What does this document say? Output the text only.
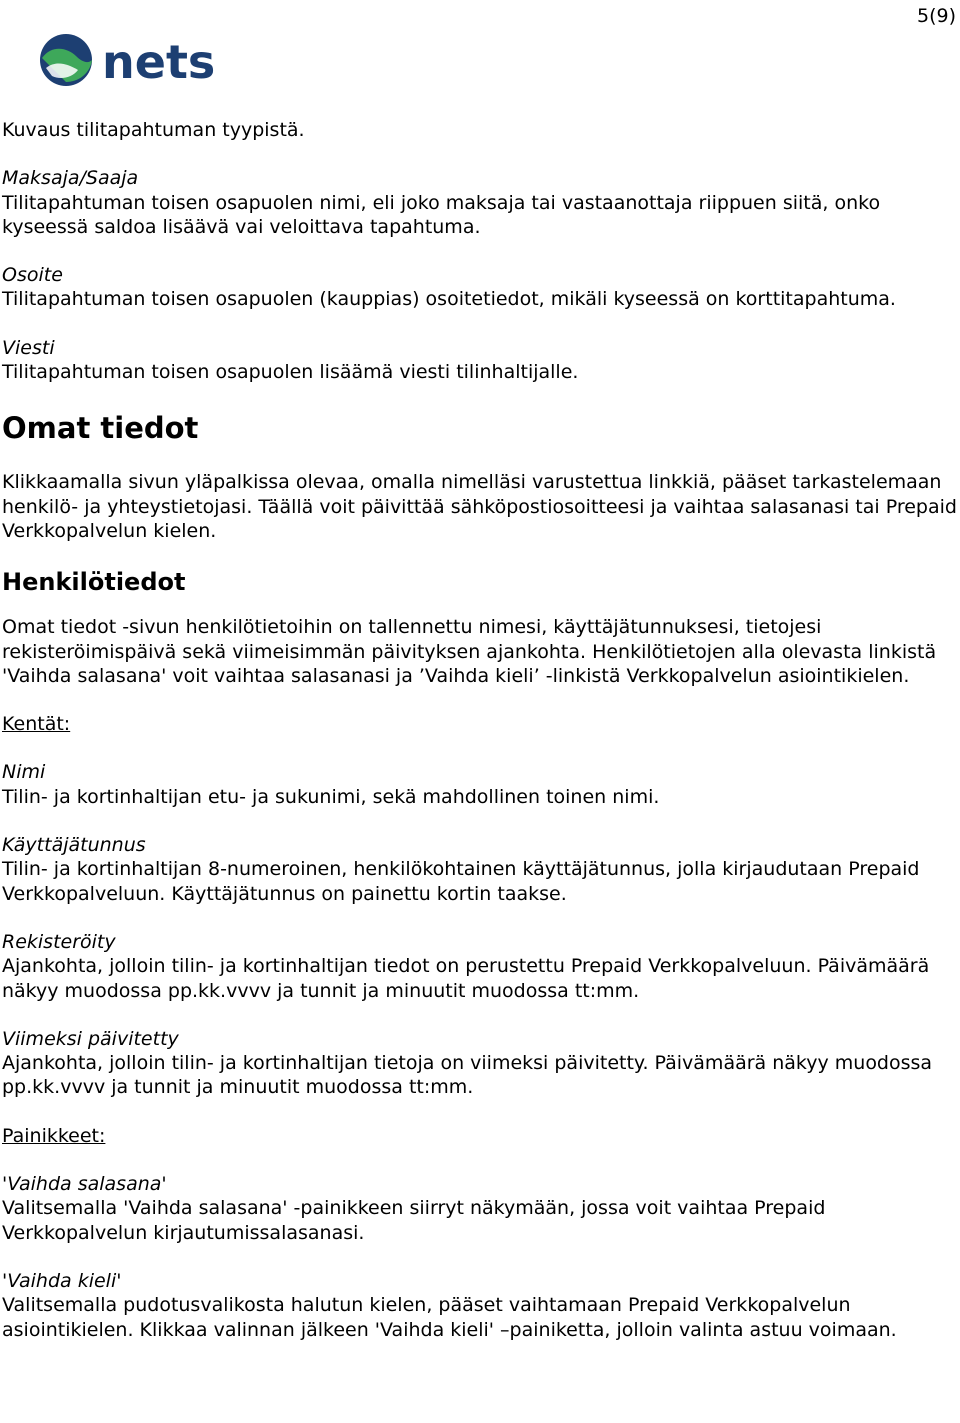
5(9)
nets

Kuvaus tilitapahtuman tyypistä.

Maksaja/Saaja

Tilitapahtuman toisen osapuolen nimi, eli joko maksaja tai vastaanottaja riippuen siitä, onko kyseessä saldoa lisäävä vai veloittava tapahtuma.

Osoite

Tilitapahtuman toisen osapuolen (kauppias) osoitetiedot, mikäli kyseessä on korttitapahtuma.

Viesti

Tilitapahtuman toisen osapuolen lisäämä viesti tilinhaltijalle.

Omat tiedot

Klikkaamalla sivun yläpalkissa olevaa, omalla nimelläsi varustettua linkkiä, pääset tarkastelemaan henkilö- ja yhteystietojasi. Täällä voit päivittää sähköpostiosoitteesi ja vaihtaa salasanasi tai Prepaid Verkkopalvelun kielen.

Henkilötiedot

Omat tiedot -sivun henkilötietoihin on tallennettu nimesi, käyttäjätunnuksesi, tietojesi rekisteröimispäivä sekä viimeisimmän päivityksen ajankohta. Henkilötietojen alla olevasta linkistä 'Vaihda salasana' voit vaihtaa salasanasi ja ’Vaihda kieli’ -linkistä Verkkopalvelun asiointikielen.

Kentät:

Nimi

Tilin- ja kortinhaltijan etu- ja sukunimi, sekä mahdollinen toinen nimi.

Käyttäjätunnus

Tilin- ja kortinhaltijan 8-numeroinen, henkilökohtainen käyttäjätunnus, jolla kirjaudutaan Prepaid Verkkopalveluun. Käyttäjätunnus on painettu kortin taakse.

Rekisteröity

Ajankohta, jolloin tilin- ja kortinhaltijan tiedot on perustettu Prepaid Verkkopalveluun. Päivämäärä näkyy muodossa pp.kk.vvvv ja tunnit ja minuutit muodossa tt:mm.

Viimeksi päivitetty

Ajankohta, jolloin tilin- ja kortinhaltijan tietoja on viimeksi päivitetty. Päivämäärä näkyy muodossa pp.kk.vvvv ja tunnit ja minuutit muodossa tt:mm.

Painikkeet:

'Vaihda salasana'

Valitsemalla 'Vaihda salasana' -painikkeen siirryt näkymään, jossa voit vaihtaa Prepaid Verkkopalvelun kirjautumissalasanasi.

'Vaihda kieli'

Valitsemalla pudotusvalikosta halutun kielen, pääset vaihtamaan Prepaid Verkkopalvelun asiointikielen. Klikkaa valinnan jälkeen 'Vaihda kieli' –painiketta, jolloin valinta astuu voimaan.
